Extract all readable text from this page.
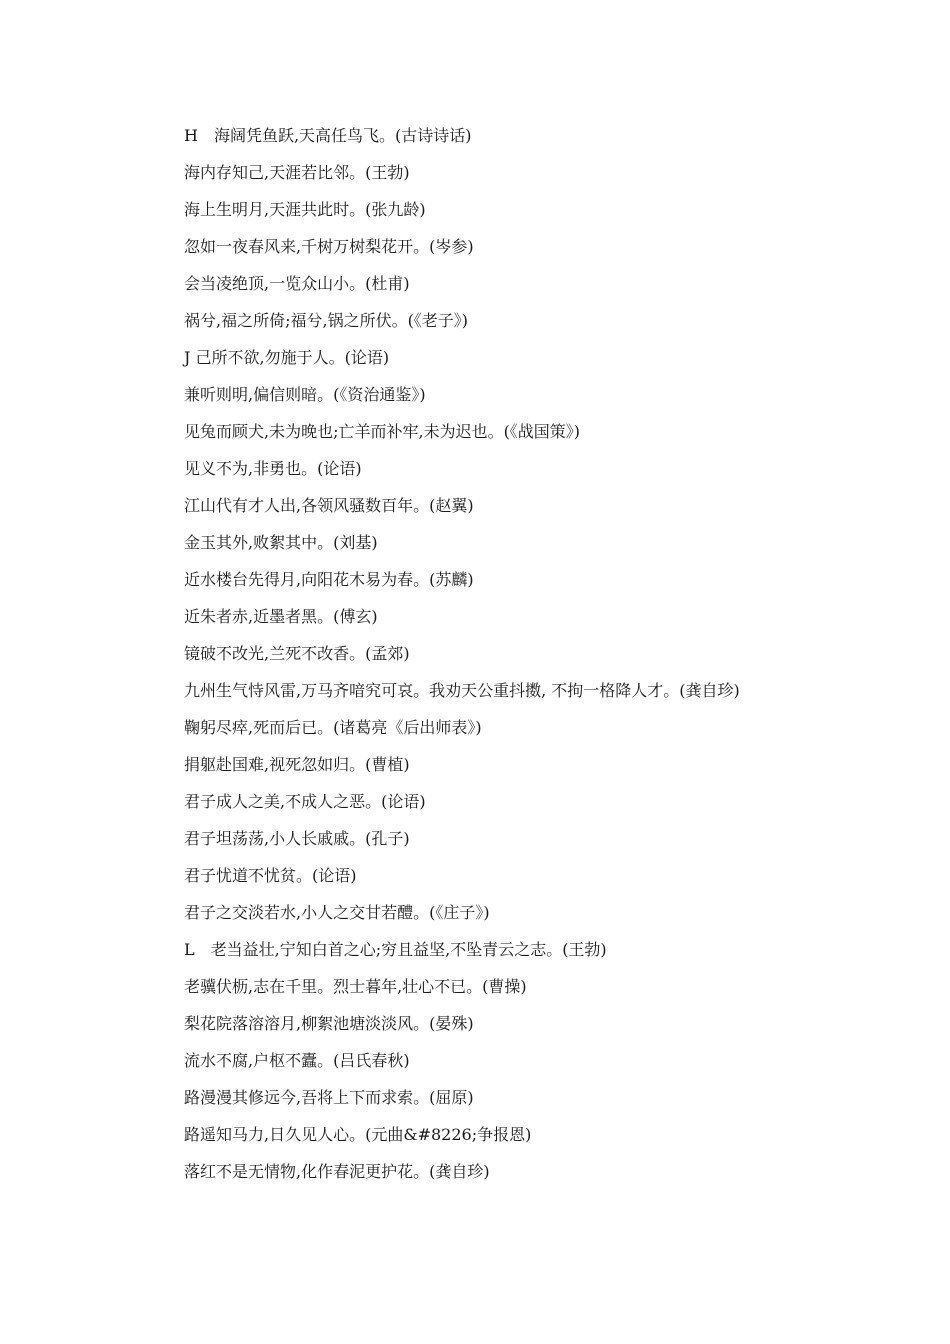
H　海阔凭鱼跃,天高任鸟飞。(古诗诗话)
海内存知己,天涯若比邻。(王勃)
海上生明月,天涯共此时。(张九龄)
忽如一夜春风来,千树万树梨花开。(岑参)
会当凌绝顶,一览众山小。(杜甫)
祸兮,福之所倚;福兮,锅之所伏。(《老子》)
J 己所不欲,勿施于人。(论语)
兼听则明,偏信则暗。(《资治通鉴》)
见兔而顾犬,未为晚也;亡羊而补牢,未为迟也。(《战国策》)
见义不为,非勇也。(论语)
江山代有才人出,各领风骚数百年。(赵翼)
金玉其外,败絮其中。(刘基)
近水楼台先得月,向阳花木易为春。(苏麟)
近朱者赤,近墨者黑。(傅玄)
镜破不改光,兰死不改香。(孟郊)
九州生气恃风雷,万马齐喑究可哀。我劝天公重抖擞, 不拘一格降人才。(龚自珍)
鞠躬尽瘁,死而后已。(诸葛亮《后出师表》)
捐躯赴国难,视死忽如归。(曹植)
君子成人之美,不成人之恶。(论语)
君子坦荡荡,小人长戚戚。(孔子)
君子忧道不忧贫。(论语)
君子之交淡若水,小人之交甘若醴。(《庄子》)
L　老当益壮,宁知白首之心;穷且益坚,不坠青云之志。(王勃)
老骥伏枥,志在千里。烈士暮年,壮心不已。(曹操)
梨花院落溶溶月,柳絮池塘淡淡风。(晏殊)
流水不腐,户枢不蠹。(吕氏春秋)
路漫漫其修远今,吾将上下而求索。(屈原)
路遥知马力,日久见人心。(元曲&#8226;争报恩)
落红不是无情物,化作春泥更护花。(龚自珍)
